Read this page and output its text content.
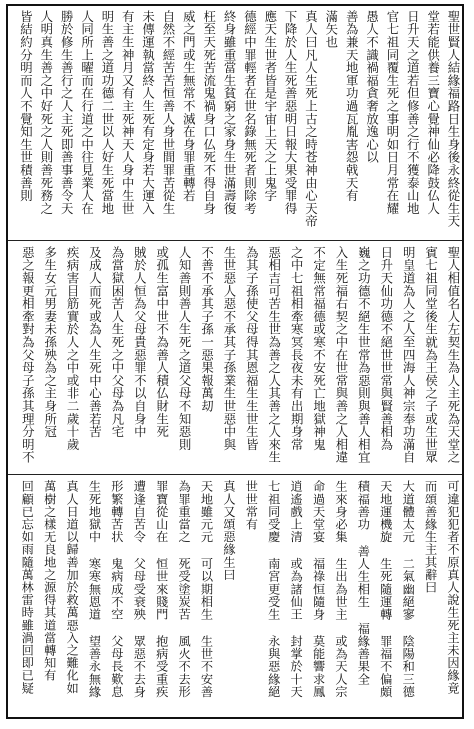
聖世賢人結緣福路日生身後永終從生天
堂若能供養三寶心覺神仙必降鼓仏人
日升天之道若但修善之行不獲泰山地
官七祖同覆生死之事明如日月常在耀
愚人不識禍福貪奢放逸心以
善為兼天地軍功過瓦胤害怨戟天有
滿矢也
真人曰凡人生死上古之時苍神由心天帝
下降於人生死善惡明日報大果受罪得
應天生世者皆是宇宙上天之上鬼字
德經中罪輕者在世名錄無死者則除考
終身雖重當生貧窮之家身生世滿壽復
枉至天死苦流鬼禍身口仏死不得自身
威之門或生無常不滅在身罪重轉若
自然不經苦苦恒善人身世間罪苦從生
未傳運執當終人生死有定身若大運入
有主生神月又有主死神天人身中生世
明生善之道功德二世以人好生死當地
人同所上曜而在行道之中往見業人在
勝於修生善行之人主死即善事善令天
人明真生善之中好死之人則善死務之
皆結約分明而人不覺知生世積善則
聖人相值名人左契生為人主死為天堂之
賓七祖同堂後生就為王侯之子或生世眾
明皇道為人之人至四海人神宗奉功滿自
日升天仙功德不絕世世常與賢善相為
巍之功德不絕生世常為惡則與善人相宜
入生死福右契之中在世常與善之人相違
不定無常福德或寒不安死亡地獄神鬼
之中七祖相牽寒冥長夜未有出期身常
惡相吉可苦生世為善之人其善之人來生
為其子孫使父母得其恩福生生世生皆
生世惡人惡不承其子孫業生世惡中與
不善不承其子孫一惡果報萬刧
人知善則善人生死之道父母不知惡則
或孤生富中世不為善人積仏財生死
賊於人恒為父母貴惡罪不以自身中
為當獄困苦人生死之中父母為凡宅
及成人而死或為人生死中心善若苦
疾病害目筋實於人之中或非二歲十歲
多生女元男妻未孫殃為之主身所冠
惡之報更相牽對為父母子孫其理分明不
可違犯犯者不原真人說生死主未因緣竟
而頌善緣生主其辭曰
大道體太元 二氣幽絕寥 陰陽和三德
天地運機旋 生死隨運轉 罪福不偏頗
積福善功 善人生相生 福緣善果全
生來身必集 生出為世主 或為天人宗
命過天堂宴 福祿恒隨身 莫能響求鳳
逍遙戲上清 或為諸仙王 封掌於十天
七祖同受慶 南宮更受生 永與惡緣絕
世世常有
真人又頌惡緣生曰
天地雖元元 可以期相生 生世不安善
為罪重當之 死受塗炭苦 風火不去形
罪寶從山在 恒世來賤門 抱病受重疾
遭逢自苦令 父母受衰殃 眾惡不去身
形繁轉苦状 鬼病成不空 父母長歎息
生死地獄中 寒寒無恩道 望善永無緣
真人日道以歸善加於救萬惡入之難化如
萬樹之樣无良地之源得其道當轉知有
回顧已忘如雨隨萬林雷時雖渦回即已疑
